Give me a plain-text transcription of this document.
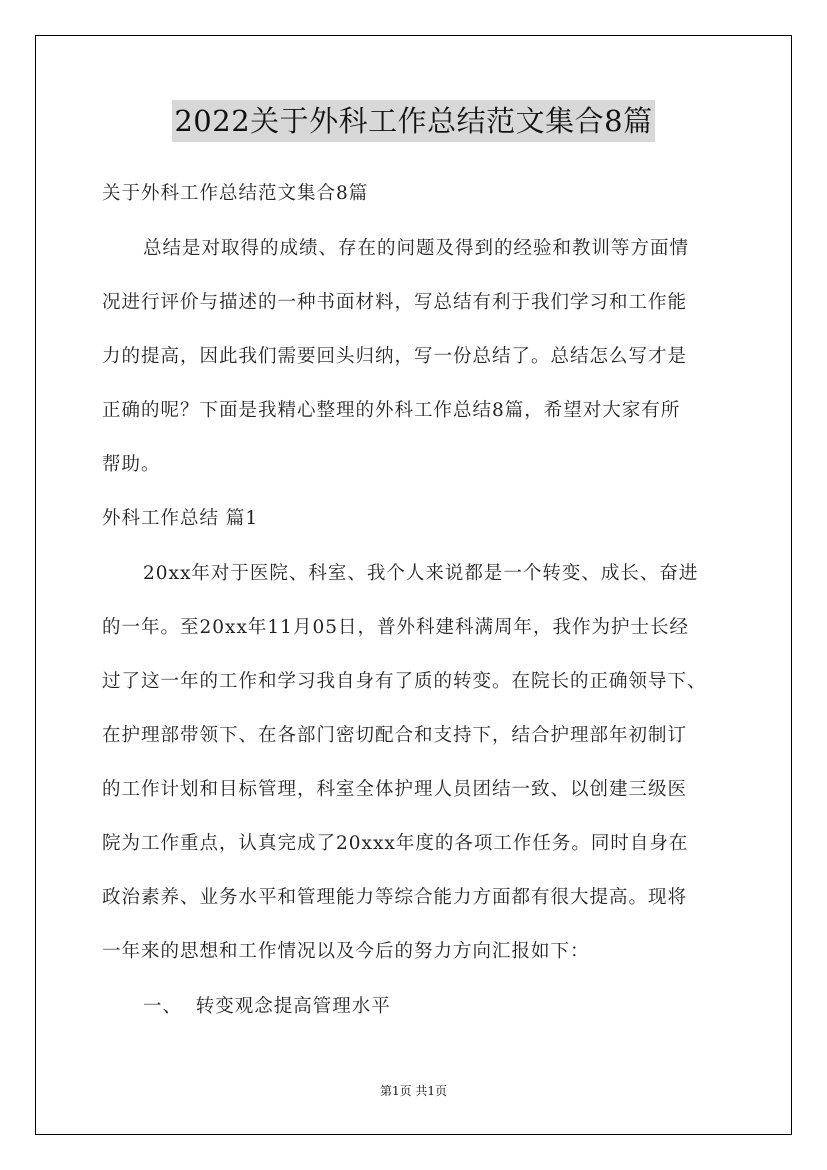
2022关于外科工作总结范文集合8篇
关于外科工作总结范文集合8篇
总结是对取得的成绩、存在的问题及得到的经验和教训等方面情
况进行评价与描述的一种书面材料，写总结有利于我们学习和工作能
力的提高，因此我们需要回头归纳，写一份总结了。总结怎么写才是
正确的呢？下面是我精心整理的外科工作总结8篇，希望对大家有所
帮助。
外科工作总结 篇1
20xx年对于医院、科室、我个人来说都是一个转变、成长、奋进
的一年。至20xx年11月05日，普外科建科满周年，我作为护士长经
过了这一年的工作和学习我自身有了质的转变。在院长的正确领导下、
在护理部带领下、在各部门密切配合和支持下，结合护理部年初制订
的工作计划和目标管理，科室全体护理人员团结一致、以创建三级医
院为工作重点，认真完成了20xxx年度的各项工作任务。同时自身在
政治素养、业务水平和管理能力等综合能力方面都有很大提高。现将
一年来的思想和工作情况以及今后的努力方向汇报如下：
一、  转变观念提高管理水平
第1页 共1页
